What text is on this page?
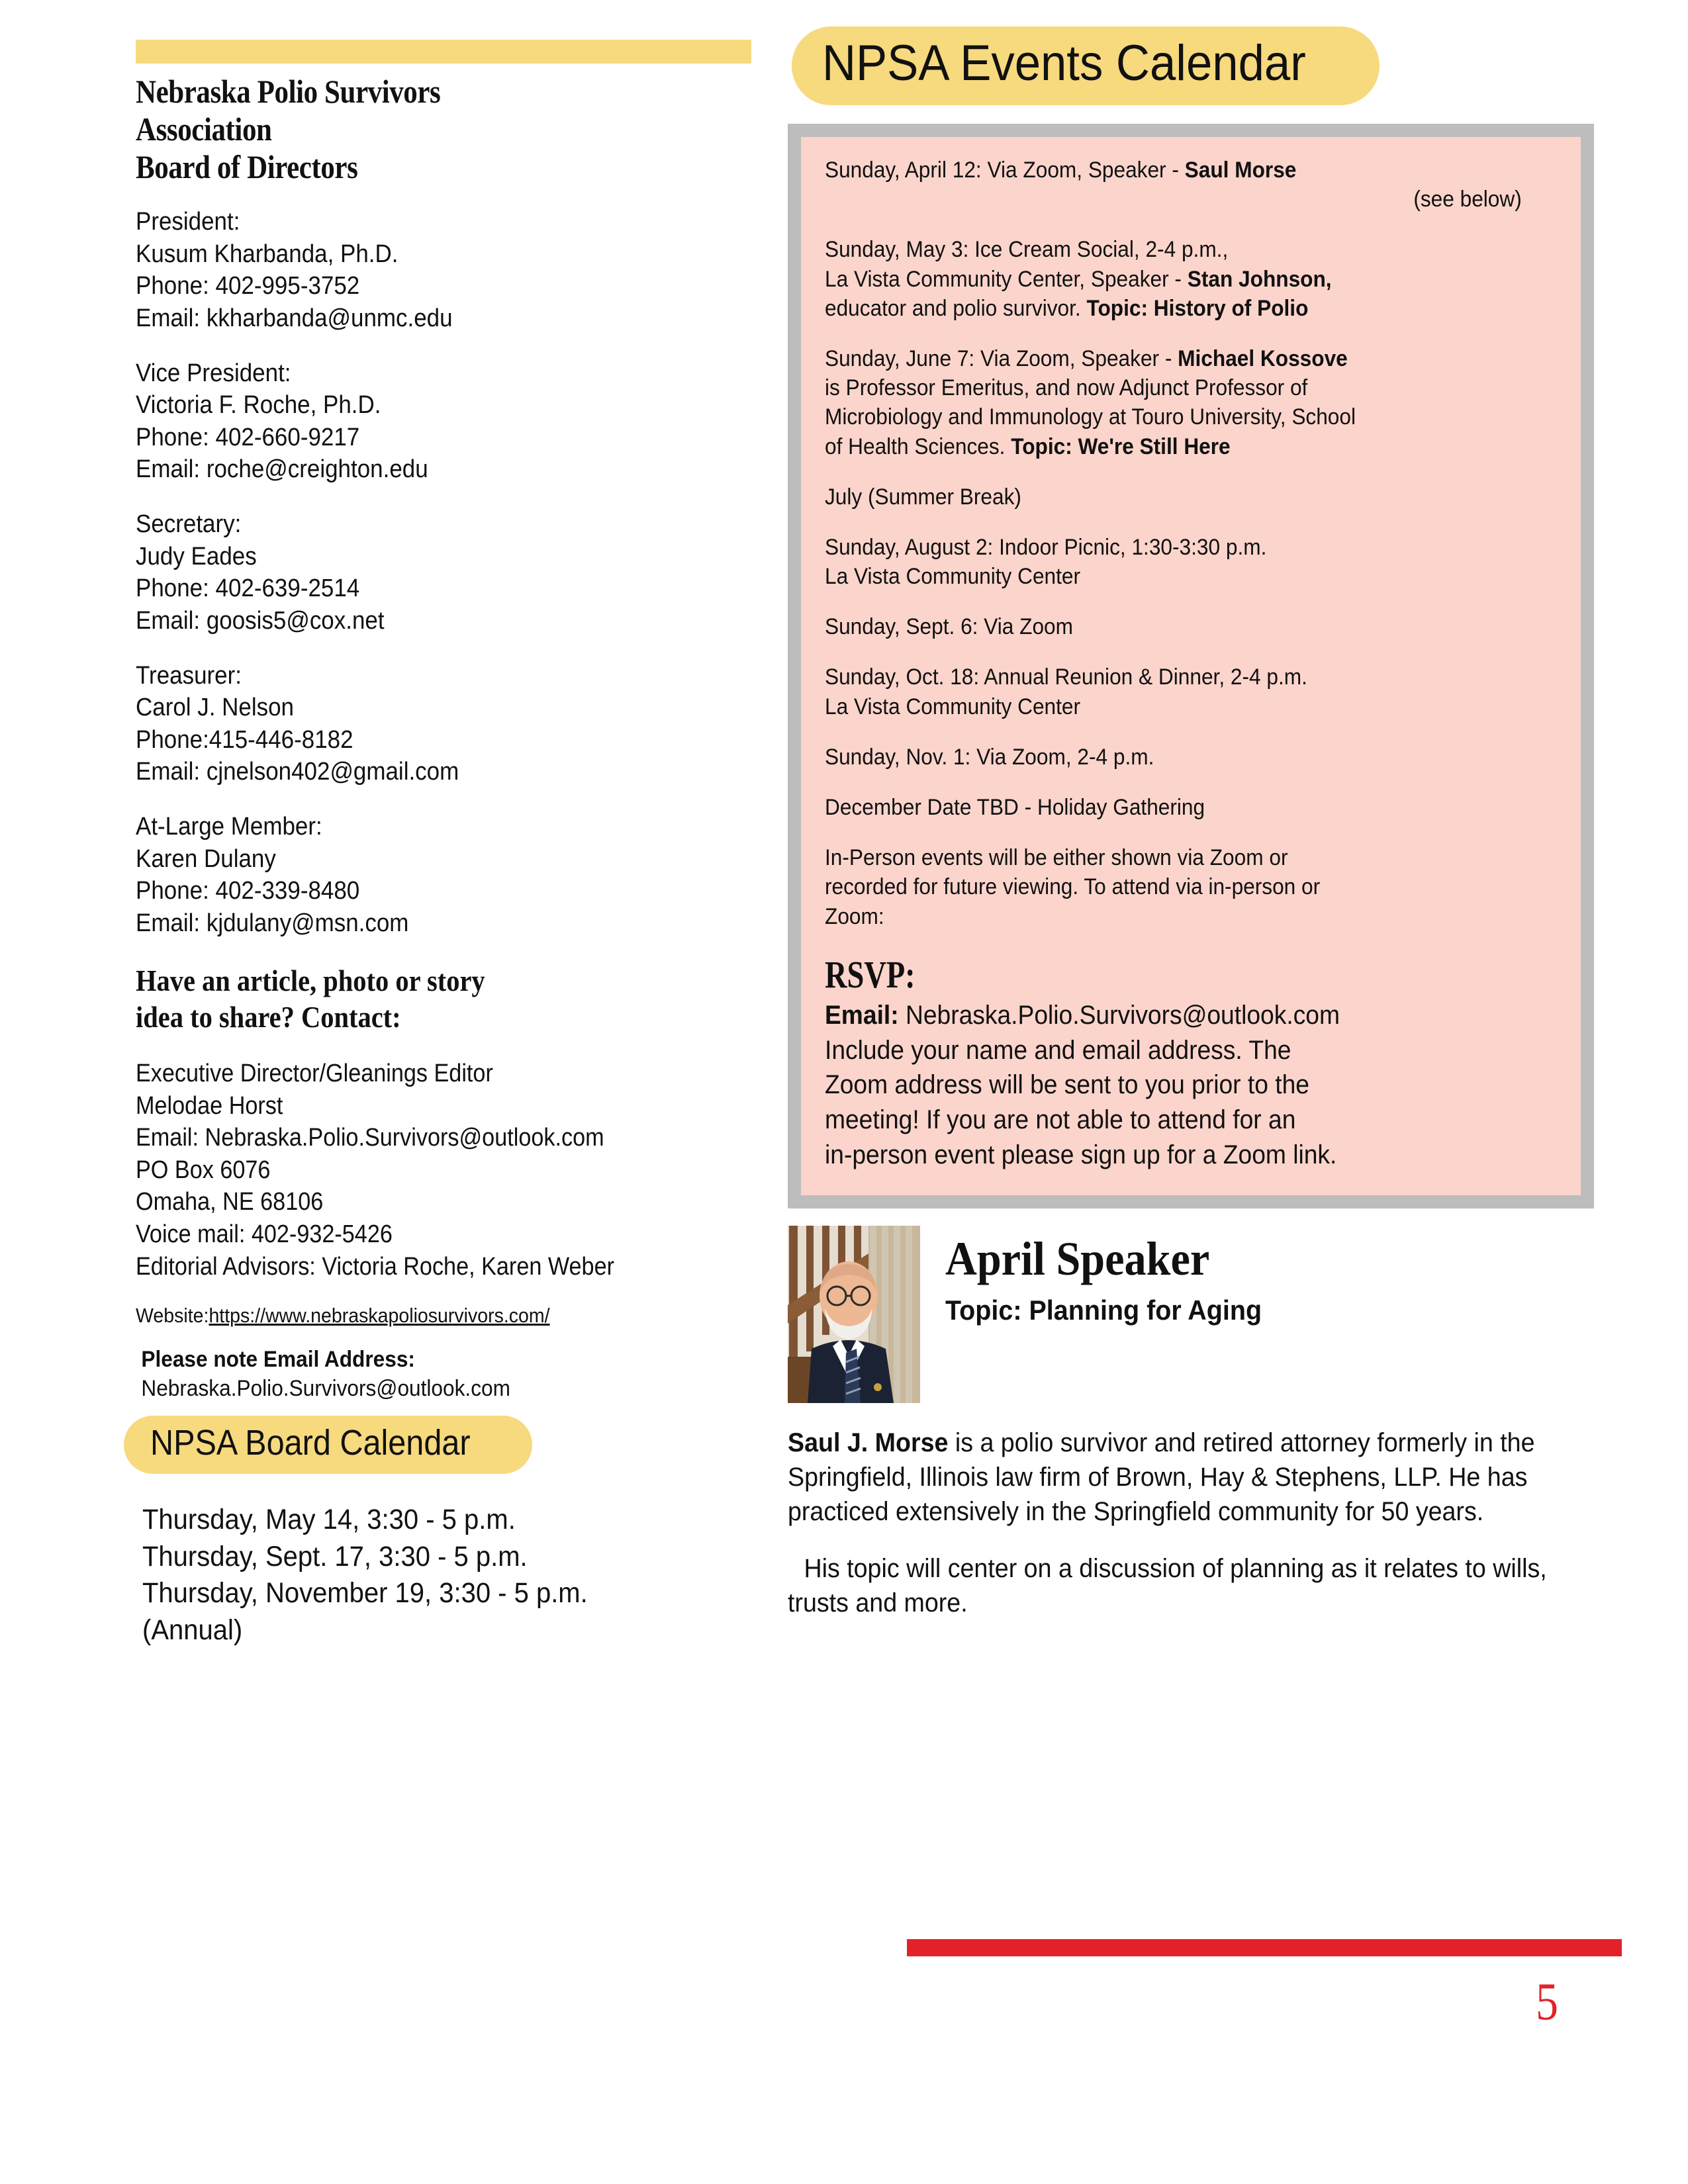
Nebraska Polio Survivors
Association
Board of Directors
President:
Kusum Kharbanda, Ph.D.
Phone: 402-995-3752
Email: kkharbanda@unmc.edu
Vice President:
Victoria F. Roche, Ph.D.
Phone: 402-660-9217
Email: roche@creighton.edu
Secretary:
Judy Eades
Phone: 402-639-2514
Email: goosis5@cox.net
Treasurer:
Carol J. Nelson
Phone:415-446-8182
Email: cjnelson402@gmail.com
At-Large Member:
Karen Dulany
Phone: 402-339-8480
Email: kjdulany@msn.com
Have an article, photo or story
idea to share? Contact:
Executive Director/Gleanings Editor
Melodae Horst
Email: Nebraska.Polio.Survivors@outlook.com
PO Box 6076
Omaha, NE 68106
Voice mail: 402-932-5426
Editorial Advisors: Victoria Roche, Karen Weber
Website:https://www.nebraskapoliosurvivors.com/
Please note Email Address:
Nebraska.Polio.Survivors@outlook.com
NPSA Board Calendar
Thursday, May 14, 3:30 - 5 p.m.
Thursday, Sept. 17, 3:30 - 5 p.m.
Thursday, November 19, 3:30 - 5 p.m.
(Annual)
NPSA Events Calendar
Sunday, April 12: Via Zoom, Speaker - Saul Morse
(see below)
Sunday, May 3: Ice Cream Social, 2-4 p.m.,
La Vista Community Center, Speaker - Stan Johnson,
educator and polio survivor. Topic: History of Polio
Sunday, June 7: Via Zoom, Speaker - Michael Kossove
is Professor Emeritus, and now Adjunct Professor of
Microbiology and Immunology at Touro University, School
of Health Sciences. Topic: We're Still Here
July (Summer Break)
Sunday, August 2: Indoor Picnic, 1:30-3:30 p.m.
La Vista Community Center
Sunday, Sept. 6: Via Zoom
Sunday, Oct. 18: Annual Reunion & Dinner, 2-4 p.m.
La Vista Community Center
Sunday, Nov. 1: Via Zoom, 2-4 p.m.
December Date TBD - Holiday Gathering
In-Person events will be either shown via Zoom or
recorded for future viewing. To attend via in-person or
Zoom:
RSVP:
Email: Nebraska.Polio.Survivors@outlook.com
Include your name and email address. The
Zoom address will be sent to you prior to the
meeting! If you are not able to attend for an
in-person event please sign up for a Zoom link.
April Speaker
Topic: Planning for Aging
Saul J. Morse is a polio survivor and retired attorney formerly in the Springfield, Illinois law firm of Brown, Hay & Stephens, LLP. He has practiced extensively in the Springfield community for 50 years.
His topic will center on a discussion of planning as it relates to wills, trusts and more.
5
